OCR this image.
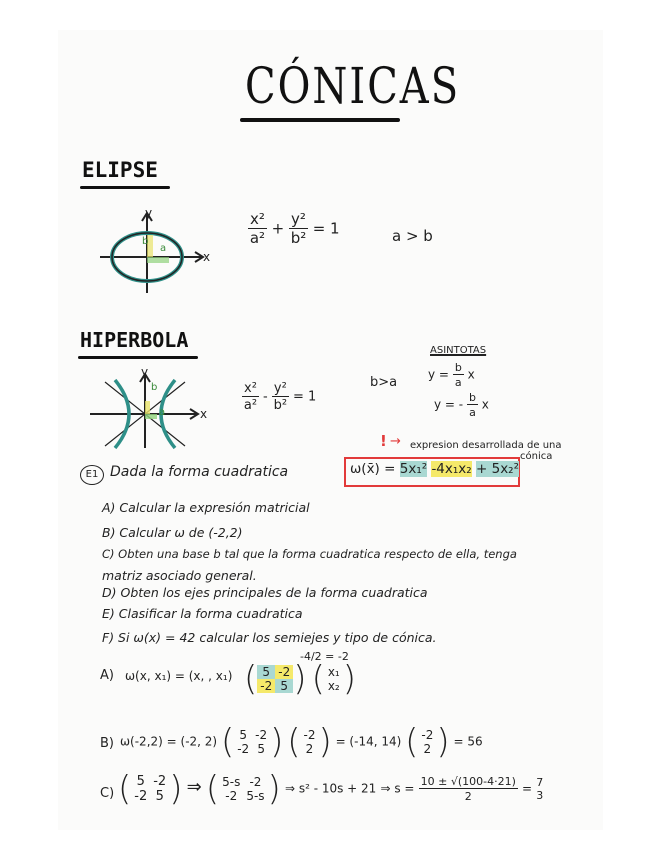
CÓNICAS
ELIPSE
y
x
a
b	$\frac{\text{x²}}{\text{a²}} + \frac{\text{y²}}{\text{b²}} = 1$	a > b
HIPERBOLA
y
x
b
a
$\frac{\text{x²}}{\text{a²}} - \frac{\text{y²}}{\text{b²}} = 1$
b>a
ASINTOTAS
$y = \frac{b}{a}$ x
y = - $\frac{b}{a}$ x
! → expresion desarrollada de una
cónica
E1 Dada la forma cuadratica	ω(x̄) = 5x₁² -4x₁x₂ + 5x₂²
A) Calcular la expresión matricial
B) Calcular ω de (-2,2)
C) Obten una base b tal que la forma cuadratica respecto de ella, tenga
matriz asociado general.
D) Obten los ejes principales de la forma cuadratica
E) Clasificar la forma cuadratica
F) Si ω(x) = 42 calcular los semiejes y tipo de cónica.
-4/2 = -2
A) ω(x, x₁) = (x, , x₁) ( 5	-2
-2	5 )
( x₁
x₂ )
B) ω(-2,2) = (-2, 2) ( 5	-2
-2	5 )
( -2
2 ) = (-14, 14) ( -2
2 ) = 56
C) ( 5	-2
-2	5 ) ⇒ ( 5-s	-2
-2	5-s ) ⇒ s² - 10s + 21 ⇒ $s = \frac{10 \pm √(100-4\cdot 21)}{2} = 7$
3
